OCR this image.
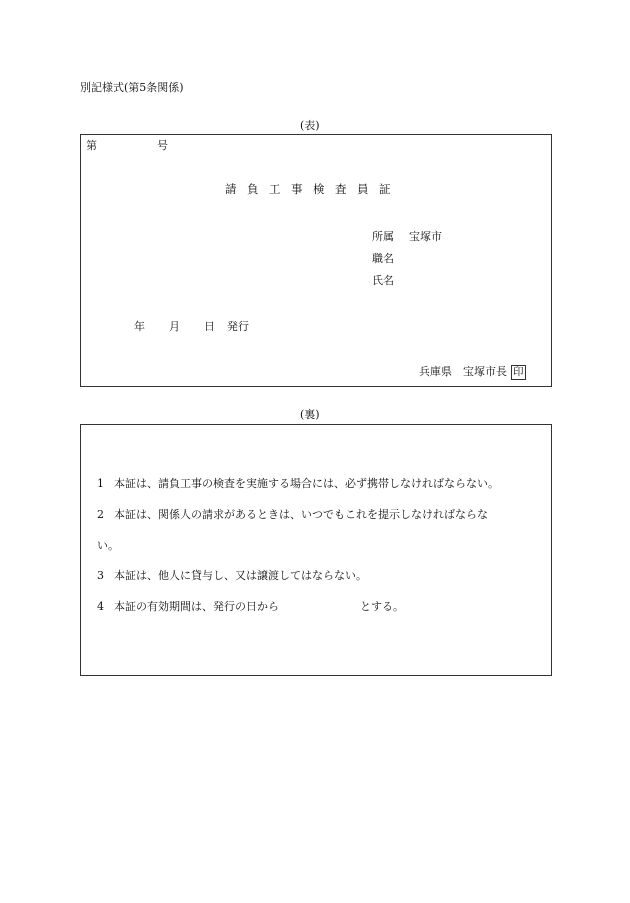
別記様式(第5条関係)
(表)
第	号
請 負 工 事 検 査 員 証
所属 宝塚市
職名
氏名
年 月 日 発行
兵庫県 宝塚市長 印
(裏)
1 本証は、請負工事の検査を実施する場合には、必ず携帯しなければならない。
2 本証は、関係人の請求があるときは、いつでもこれを提示しなければならな
い。
3 本証は、他人に貸与し、又は譲渡してはならない。
4 本証の有効期間は、発行の日から	とする。
